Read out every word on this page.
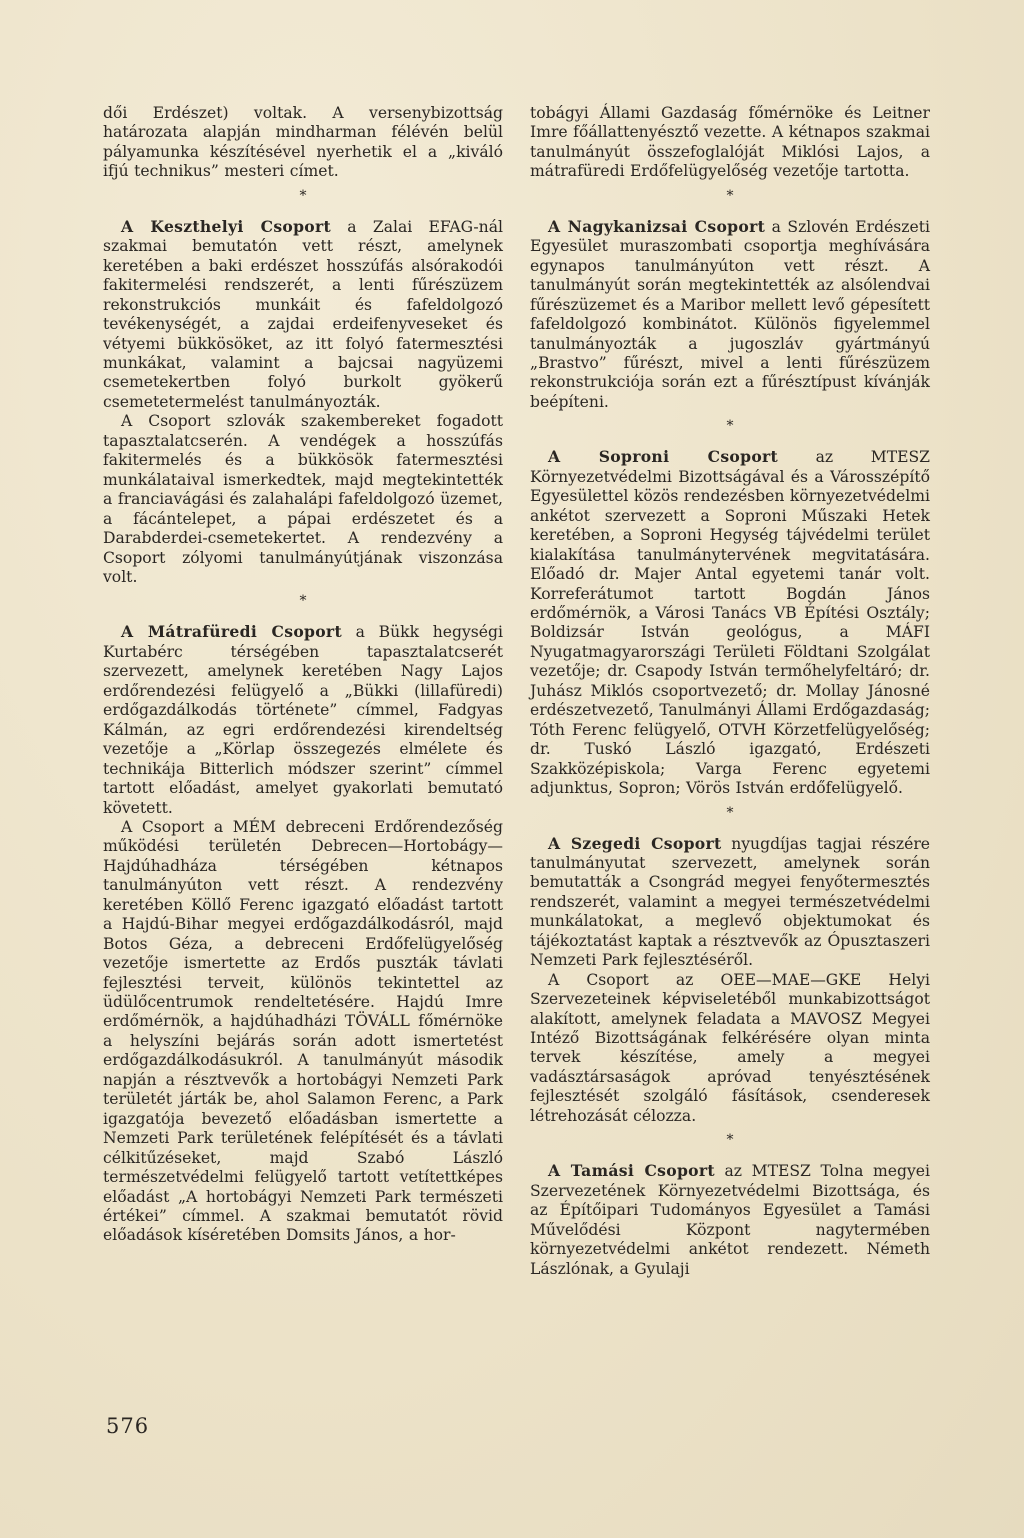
dői Erdészet) voltak. A versenybizottság határozata alapján mindharman félévén belül pályamunka készítésével nyerhetik el a „kiváló ifjú technikus” mesteri címet.

*

A Keszthelyi Csoport a Zalai EFAG-nál szakmai bemutatón vett részt, amelynek keretében a baki erdészet hosszúfás alsórakodói fakitermelési rendszerét, a lenti fűrészüzem rekonstrukciós munkáit és fafeldolgozó tevékenységét, a zajdai erdeifenyveseket és vétyemi bükkösöket, az itt folyó fatermesztési munkákat, valamint a bajcsai nagyüzemi csemetekertben folyó burkolt gyökerű csemetetermelést tanulmányozták.

A Csoport szlovák szakembereket fogadott tapasztalatcserén. A vendégek a hosszúfás fakitermelés és a bükkösök fatermesztési munkálataival ismerkedtek, majd megtekintették a franciavágási és zalahalápi fafeldolgozó üzemet, a fácántelepet, a pápai erdészetet és a Darabderdei-csemetekertet. A rendezvény a Csoport zólyomi tanulmányútjának viszonzása volt.

*

A Mátrafüredi Csoport a Bükk hegységi Kurtabérc térségében tapasztalatcserét szervezett, amelynek keretében Nagy Lajos erdőrendezési felügyelő a „Bükki (lillafüredi) erdőgazdálkodás története” címmel, Fadgyas Kálmán, az egri erdőrendezési kirendeltség vezetője a „Körlap összegezés elmélete és technikája Bitterlich módszer szerint” címmel tartott előadást, amelyet gyakorlati bemutató követett.

A Csoport a MÉM debreceni Erdőrendezőség működési területén Debrecen—Hortobágy—Hajdúhadháza térségében kétnapos tanulmányúton vett részt. A rendezvény keretében Köllő Ferenc igazgató előadást tartott a Hajdú-Bihar megyei erdőgazdálkodásról, majd Botos Géza, a debreceni Erdőfelügyelőség vezetője ismertette az Erdős puszták távlati fejlesztési terveit, különös tekintettel az üdülőcentrumok rendeltetésére. Hajdú Imre erdőmérnök, a hajdúhadházi TÖVÁLL főmérnöke a helyszíni bejárás során adott ismertetést erdőgazdálkodásukról. A tanulmányút második napján a résztvevők a hortobágyi Nemzeti Park területét járták be, ahol Salamon Ferenc, a Park igazgatója bevezető előadásban ismertette a Nemzeti Park területének felépítését és a távlati célkitűzéseket, majd Szabó László természetvédelmi felügyelő tartott vetítettképes előadást „A hortobágyi Nemzeti Park természeti értékei” címmel. A szakmai bemutatót rövid előadások kíséretében Domsits János, a hor-

tobágyi Állami Gazdaság főmérnöke és Leitner Imre főállattenyésztő vezette. A kétnapos szakmai tanulmányút összefoglalóját Miklósi Lajos, a mátrafüredi Erdőfelügyelőség vezetője tartotta.

*

A Nagykanizsai Csoport a Szlovén Erdészeti Egyesület muraszombati csoportja meghívására egynapos tanulmányúton vett részt. A tanulmányút során megtekintették az alsólendvai fűrészüzemet és a Maribor mellett levő gépesített fafeldolgozó kombinátot. Különös figyelemmel tanulmányozták a jugoszláv gyártmányú „Brastvo” fűrészt, mivel a lenti fűrészüzem rekonstrukciója során ezt a fűrésztípust kívánják beépíteni.

*

A Soproni Csoport az MTESZ Környezetvédelmi Bizottságával és a Városszépítő Egyesülettel közös rendezésben környezetvédelmi ankétot szervezett a Soproni Műszaki Hetek keretében, a Soproni Hegység tájvédelmi terület kialakítása tanulmánytervének megvitatására. Előadó dr. Majer Antal egyetemi tanár volt. Korreferátumot tartott Bogdán János erdőmérnök, a Városi Tanács VB Építési Osztály; Boldizsár István geológus, a MÁFI Nyugatmagyarországi Területi Földtani Szolgálat vezetője; dr. Csapody István termőhelyfeltáró; dr. Juhász Miklós csoportvezető; dr. Mollay Jánosné erdészetvezető, Tanulmányi Állami Erdőgazdaság; Tóth Ferenc felügyelő, OTVH Körzetfelügyelőség; dr. Tuskó László igazgató, Erdészeti Szakközépiskola; Varga Ferenc egyetemi adjunktus, Sopron; Vörös István erdőfelügyelő.

*

A Szegedi Csoport nyugdíjas tagjai részére tanulmányutat szervezett, amelynek során bemutatták a Csongrád megyei fenyőtermesztés rendszerét, valamint a megyei természetvédelmi munkálatokat, a meglevő objektumokat és tájékoztatást kaptak a résztvevők az Ópusztaszeri Nemzeti Park fejlesztéséről.

A Csoport az OEE—MAE—GKE Helyi Szervezeteinek képviseletéből munkabizottságot alakított, amelynek feladata a MAVOSZ Megyei Intéző Bizottságának felkérésére olyan minta tervek készítése, amely a megyei vadásztársaságok apróvad tenyésztésének fejlesztését szolgáló fásítások, csenderesek létrehozását célozza.

*

A Tamási Csoport az MTESZ Tolna megyei Szervezetének Környezetvédelmi Bizottsága, és az Építőipari Tudományos Egyesület a Tamási Művelődési Központ nagytermében környezetvédelmi ankétot rendezett. Németh Lászlónak, a Gyulaji

576
